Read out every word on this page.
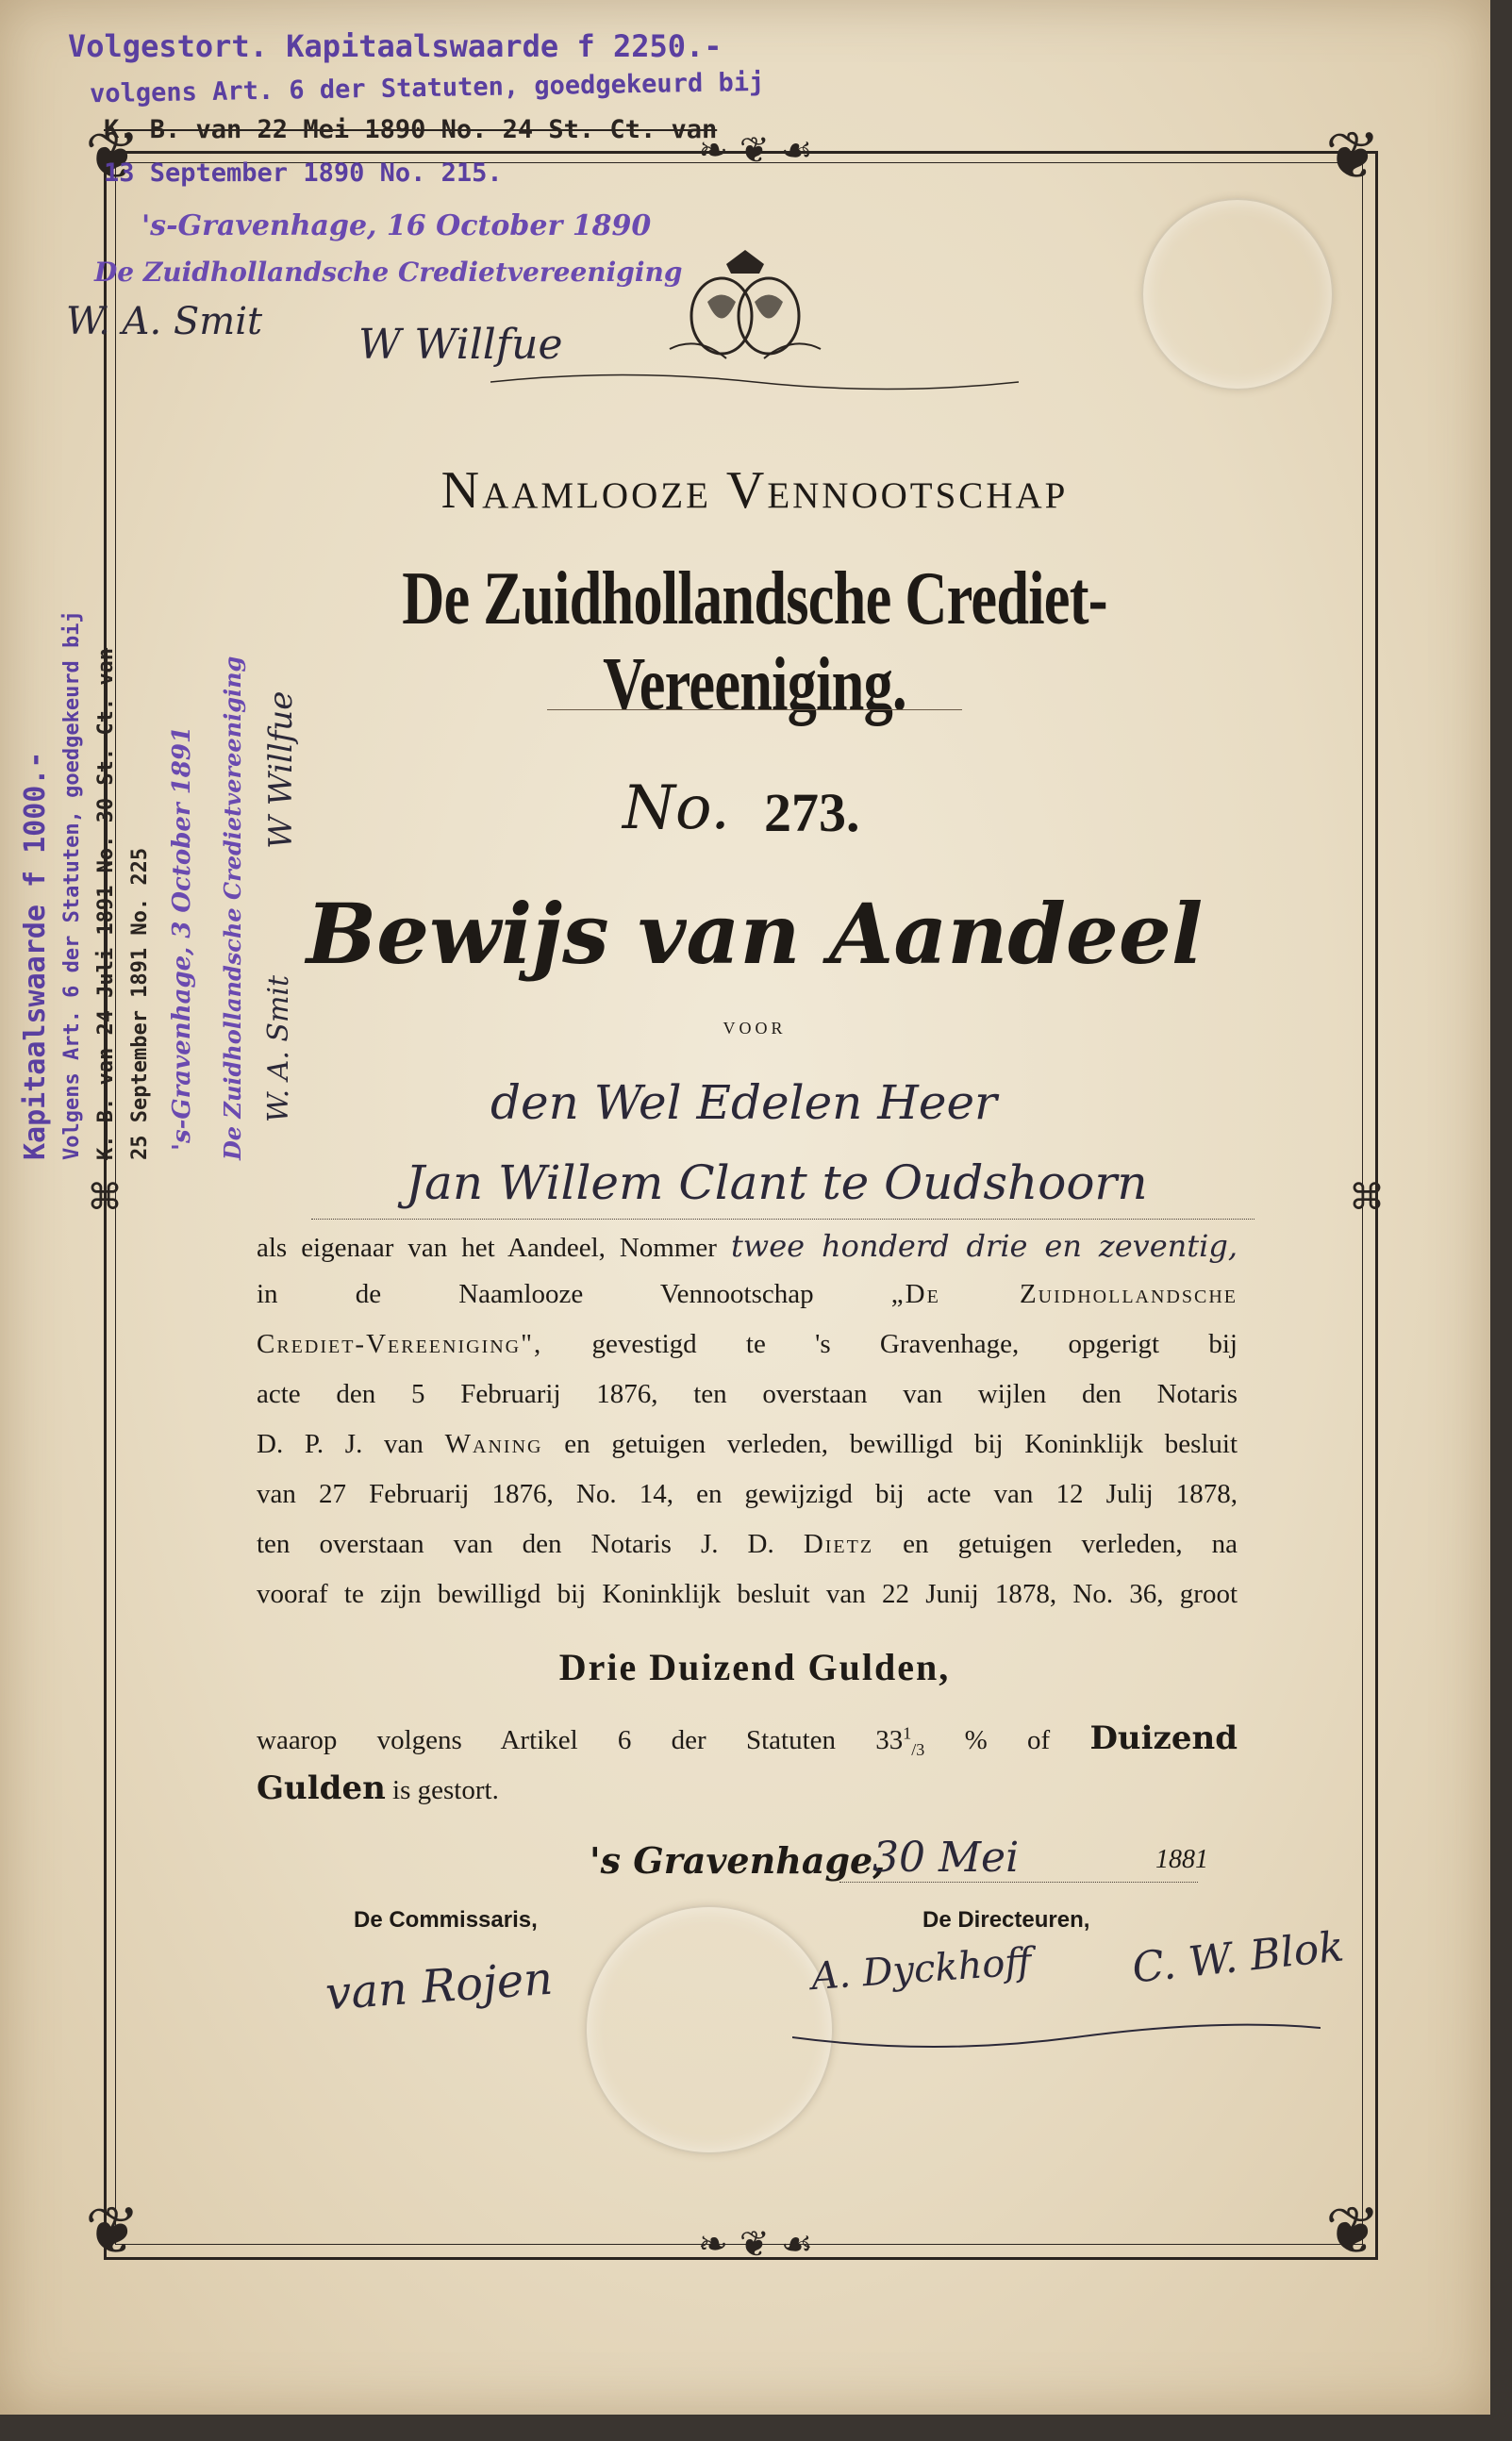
❦	❦
❦	❦
❧ ❦ ☙
❧ ❦ ☙
⌘	⌘
Volgestort. Kapitaalswaarde f 2250.-
volgens Art. 6 der Statuten, goedgekeurd bij
K. B. van 22 Mei 1890 No. 24 St. Ct. van
13 September 1890 No. 215.
's-Gravenhage, 16 October 1890
De Zuidhollandsche Credietvereeniging
W. A. Smit W Willfue
Kapitaalswaarde f 1000.- Volgens Art. 6 der Statuten, goedgekeurd bij K. B. van 24 Juli 1891 No. 30 St. Ct. van 25 September 1891 No. 225 's-Gravenhage, 3 October 1891 De Zuidhollandsche Credietvereeniging W. A. Smit
W Willfue
Naamlooze Vennootschap
De Zuidhollandsche Crediet-Vereeniging.
No. 273.
Bewijs van Aandeel
VOOR
den Wel Edelen Heer
Jan Willem Clant te Oudshoorn
als eigenaar van het Aandeel, Nommer twee honderd drie en zeventig,
in de Naamlooze Vennootschap	„De Zuidhollandsche
Crediet-Vereeniging", gevestigd te 's Gravenhage, opgerigt bij
acte den 5 Februarij 1876, ten overstaan van wijlen den Notaris
D. P. J. van Waning en getuigen verleden, bewilligd bij Koninklijk besluit
van 27 Februarij 1876, No. 14, en gewijzigd bij acte van 12 Julij 1878,
ten overstaan van den Notaris J. D. Dietz en getuigen verleden, na
vooraf te zijn bewilligd bij Koninklijk besluit van 22 Junij 1878, No. 36, groot
Drie Duizend Gulden,
waarop volgens Artikel 6 der Statuten $33^1_{/3}$ % of Duizend
Gulden is gestort.
's Gravenhage,
30 Mei	1881
De Commissaris,	De Directeuren,
van Rojen	A. Dyckhoff C. W. Blok
